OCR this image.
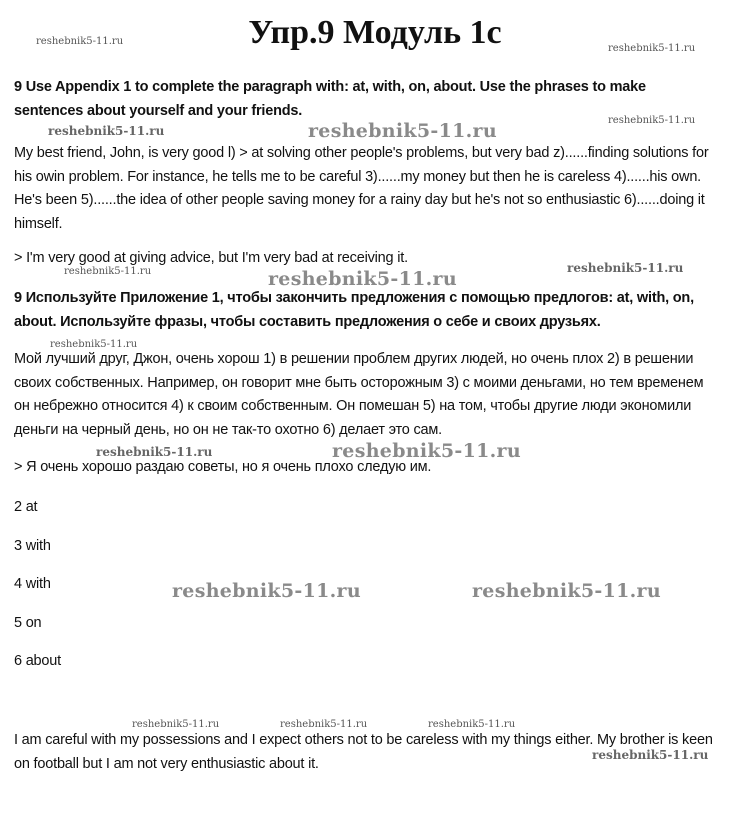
Упр.9 Модуль 1с
9 Use Appendix 1 to complete the paragraph with: at, with, on, about. Use the phrases to make sentences about yourself and your friends.
My best friend, John, is very good l) > at solving other people's problems, but very bad z)......finding solutions for his owin problem. For instance, he tells me to be careful 3)......my money but then he is careless 4)......his own. He's been 5)......the idea of other people saving money for a rainy day but he's not so enthusiastic 6)......doing it himself.
> I'm very good at giving advice, but I'm very bad at receiving it.
9 Используйте Приложение 1, чтобы закончить предложения с помощью предлогов: at, with, on, about. Используйте фразы, чтобы составить предложения о себе и своих друзьях.
Мой лучший друг, Джон, очень хорош 1) в решении проблем других людей, но очень плох 2) в решении своих собственных. Например, он говорит мне быть осторожным 3) с моими деньгами, но тем временем он небрежно относится 4) к своим собственным. Он помешан 5) на том, чтобы другие люди экономили деньги на черный день, но он не так-то охотно 6) делает это сам.
> Я очень хорошо раздаю советы, но я очень плохо следую им.
2 at
3 with
4 with
5 on
6 about
I am careful with my possessions and I expect others not to be careless with my things either. My brother is keen on football but I am not very enthusiastic about it.
reshebnik5-11.ru
reshebnik5-11.ru
reshebnik5-11.ru
reshebnik5-11.ru	reshebnik5-11.ru
reshebnik5-11.ru	reshebnik5-11.ru	reshebnik5-11.ru
reshebnik5-11.ru
reshebnik5-11.ru	reshebnik5-11.ru
reshebnik5-11.ru	reshebnik5-11.ru
reshebnik5-11.ru	reshebnik5-11.ru	reshebnik5-11.ru
reshebnik5-11.ru
